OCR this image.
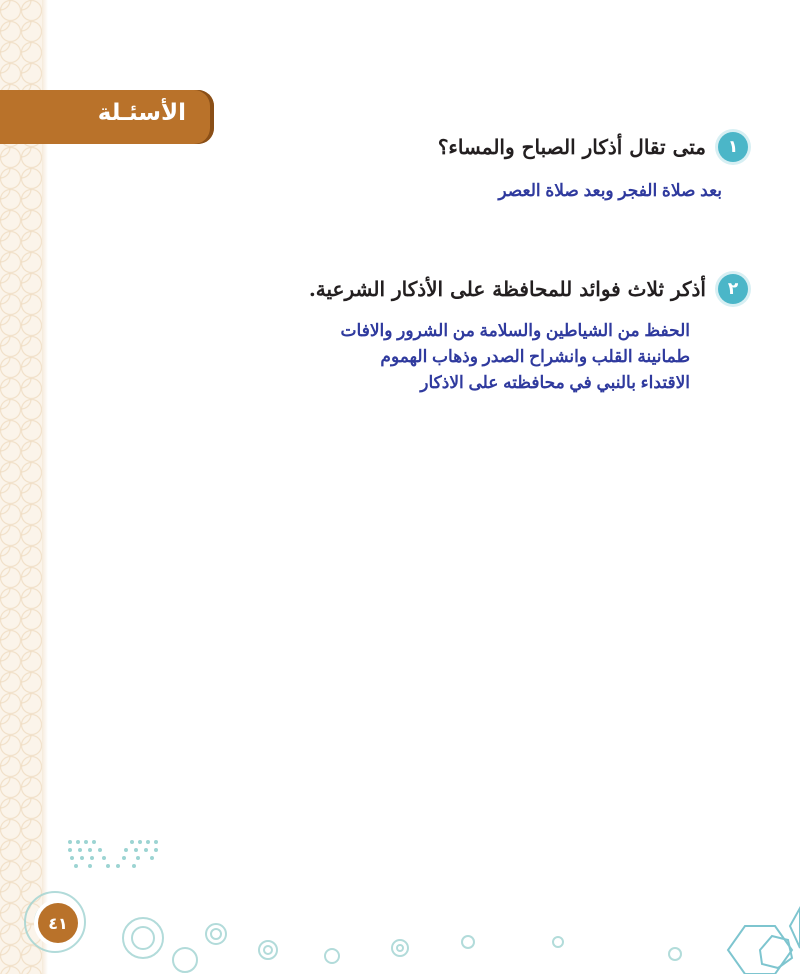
الأسئـلة
١
متى تقال أذكار الصباح والمساء؟
بعد صلاة الفجر وبعد صلاة العصر
٢
أذكر ثلاث فوائد للمحافظة على الأذكار الشرعية.
الحفظ من الشياطين والسلامة من الشرور والافات
طمانينة القلب وانشراح الصدر وذهاب الهموم
الاقتداء بالنبي في محافظته على الاذكار
٤١
